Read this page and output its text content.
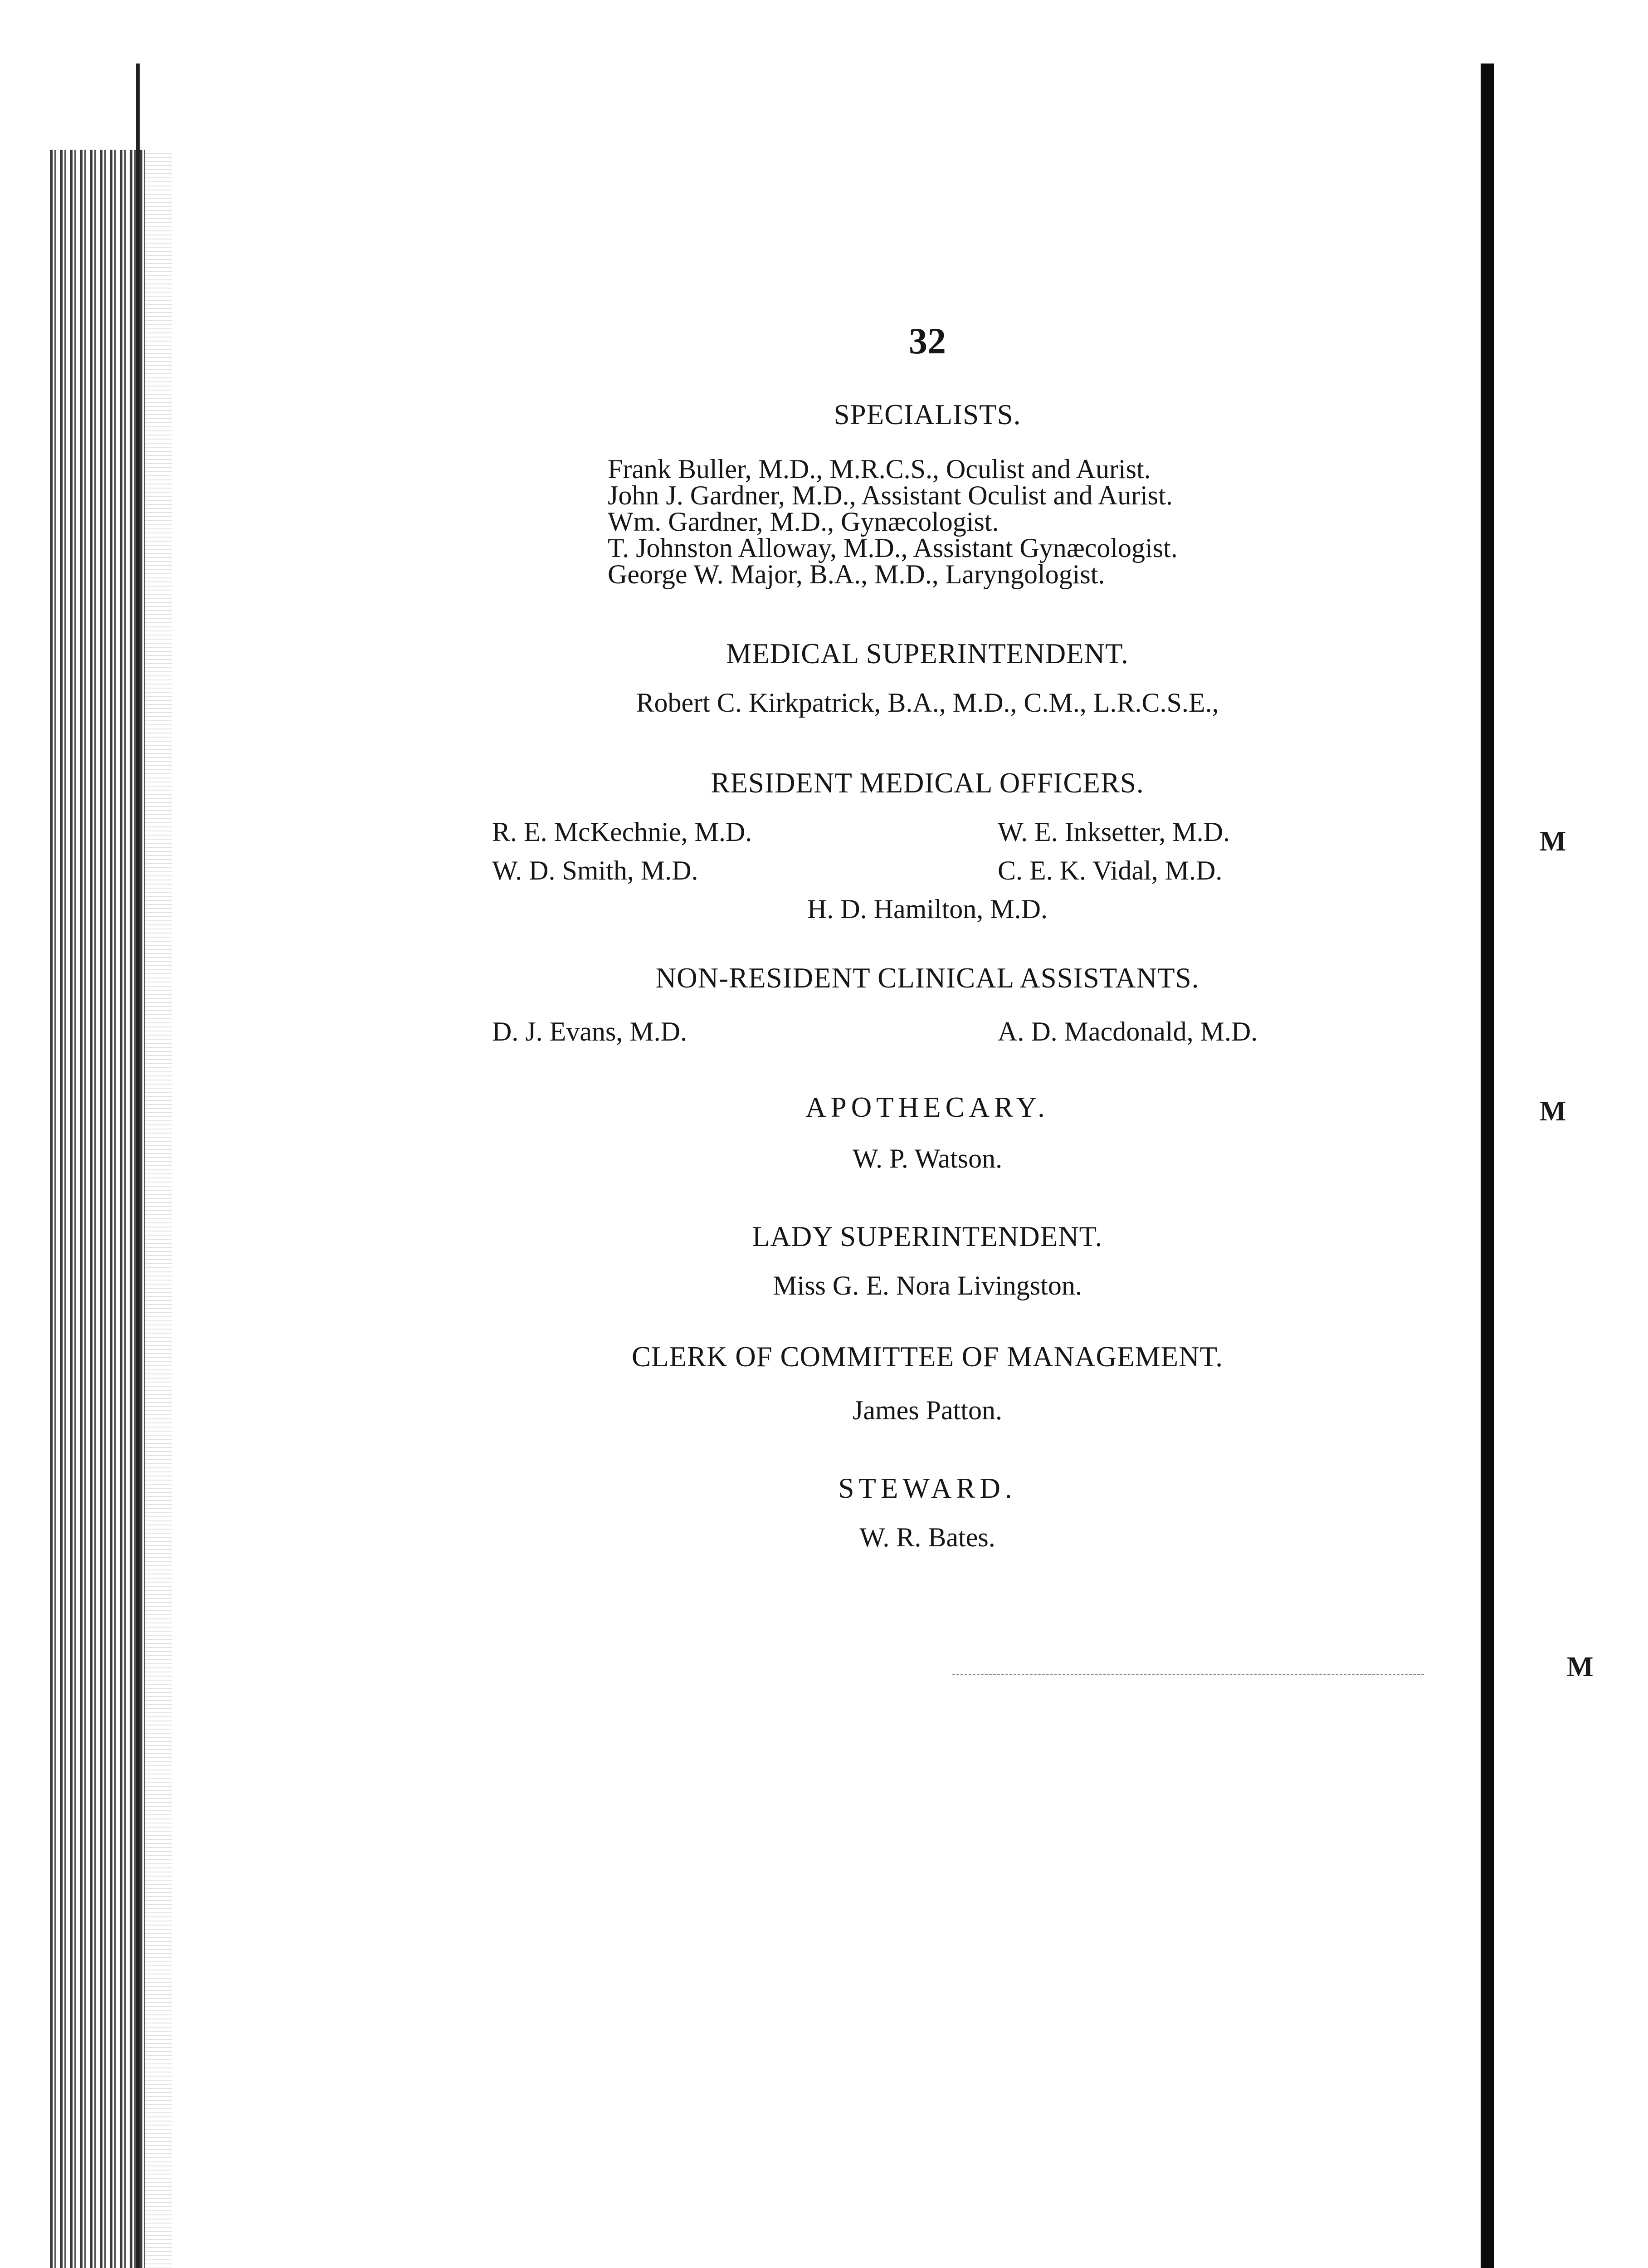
M
M
M
32
SPECIALISTS.
Frank Buller, M.D., M.R.C.S., Oculist and Aurist.
John J. Gardner, M.D., Assistant Oculist and Aurist.
Wm. Gardner, M.D., Gynæcologist.
T. Johnston Alloway, M.D., Assistant Gynæcologist.
George W. Major, B.A., M.D., Laryngologist.
MEDICAL SUPERINTENDENT.
Robert C. Kirkpatrick, B.A., M.D., C.M., L.R.C.S.E.,
RESIDENT MEDICAL OFFICERS.
R. E. McKechnie, M.D.	W. E. Inksetter, M.D.
W. D. Smith, M.D.	C. E. K. Vidal, M.D.
H. D. Hamilton, M.D.
NON-RESIDENT CLINICAL ASSISTANTS.
D. J. Evans, M.D.	A. D. Macdonald, M.D.
APOTHECARY.
W. P. Watson.
LADY SUPERINTENDENT.
Miss G. E. Nora Livingston.
CLERK OF COMMITTEE OF MANAGEMENT.
James Patton.
STEWARD.
W. R. Bates.
